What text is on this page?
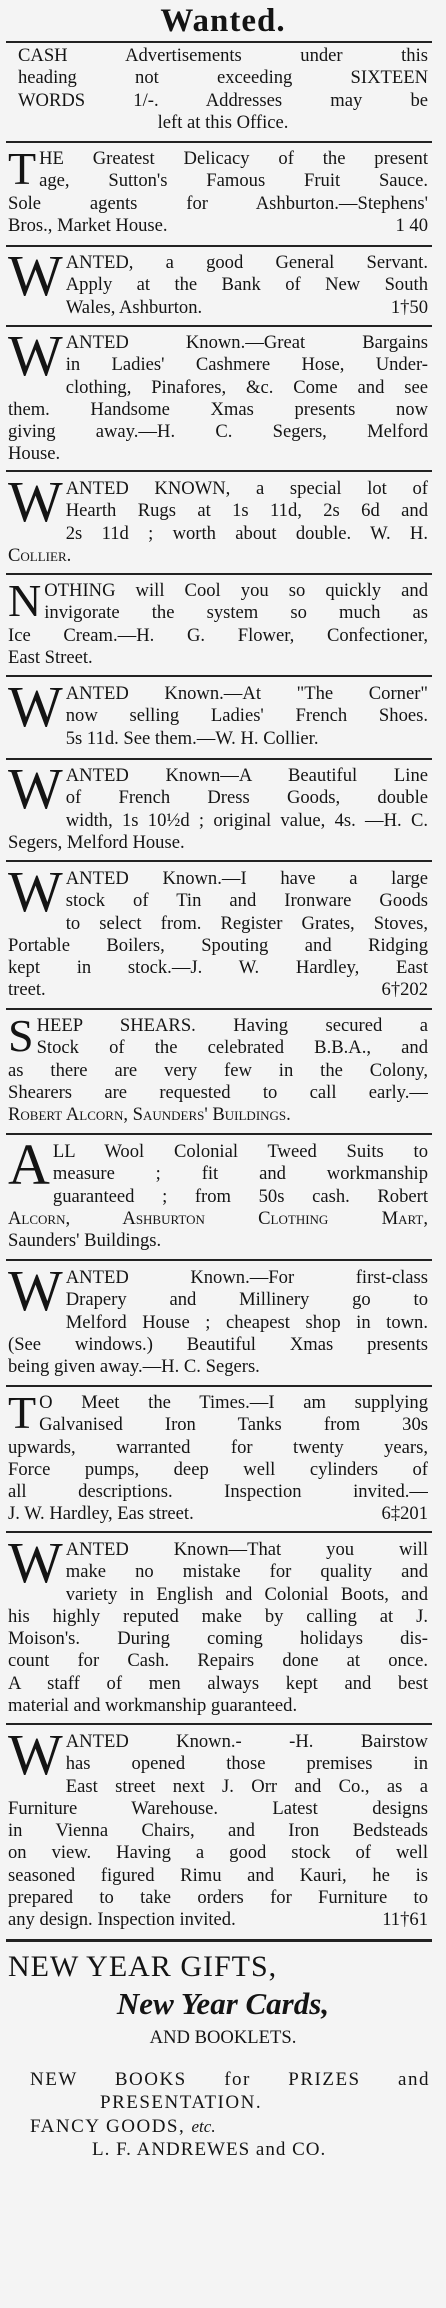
Wanted.
CASH Advertisements under this
heading not exceeding SIXTEEN
WORDS 1/-. Addresses may be
left at this Office.
T HE Greatest Delicacy of the present
age, Sutton's Famous Fruit Sauce.
Sole agents for Ashburton.—Stephens'
Bros., Market House.	1 40
W ANTED, a good General Servant.
Apply at the Bank of New South
Wales, Ashburton.	1†50
W ANTED Known.—Great Bargains
in Ladies' Cashmere Hose, Under-
clothing, Pinafores, &c. Come and see
them. Handsome Xmas presents now
giving away.—H. C. Segers, Melford
House.
W ANTED KNOWN, a special lot of
Hearth Rugs at 1s 11d, 2s 6d and
2s 11d ; worth about double. W. H.
Collier.
N OTHING will Cool you so quickly and
invigorate the system so much as
Ice Cream.—H. G. Flower, Confectioner,
East Street.
W ANTED Known.—At "The Corner"
now selling Ladies' French Shoes.
5s 11d. See them.—W. H. Collier.
W ANTED Known—A Beautiful Line
of French Dress Goods, double
width, 1s 10½d ; original value, 4s. —H. C.
Segers, Melford House.
W ANTED Known.—I have a large
stock of Tin and Ironware Goods
to select from. Register Grates, Stoves,
Portable Boilers, Spouting and Ridging
kept in stock.—J. W. Hardley, East
treet.	6†202
S HEEP SHEARS. Having secured a
Stock of the celebrated B.B.A., and
as there are very few in the Colony,
Shearers are requested to call early.—
Robert Alcorn, Saunders' Buildings.
A LL Wool Colonial Tweed Suits to
measure ; fit and workmanship
guaranteed ; from 50s cash. Robert
Alcorn, Ashburton Clothing Mart,
Saunders' Buildings.
W ANTED Known.—For first-class
Drapery and Millinery go to
Melford House ; cheapest shop in town.
(See windows.) Beautiful Xmas presents
being given away.—H. C. Segers.
T O Meet the Times.—I am supplying
Galvanised Iron Tanks from 30s
upwards, warranted for twenty years,
Force pumps, deep well cylinders of
all descriptions. Inspection invited.—
J. W. Hardley, Eas street.	6‡201
W ANTED Known—That you will
make no mistake for quality and
variety in English and Colonial Boots, and
his highly reputed make by calling at J.
Moison's. During coming holidays dis-
count for Cash. Repairs done at once.
A staff of men always kept and best
material and workmanship guaranteed.
W ANTED Known.- -H. Bairstow
has opened those premises in
East street next J. Orr and Co., as a
Furniture Warehouse. Latest designs
in Vienna Chairs, and Iron Bedsteads
on view. Having a good stock of well
seasoned figured Rimu and Kauri, he is
prepared to take orders for Furniture to
any design. Inspection invited.	11†61
NEW YEAR GIFTS,
New Year Cards,
AND BOOKLETS.
NEW BOOKS for PRIZES and
PRESENTATION.
FANCY GOODS, etc.
L. F. ANDREWES and CO.
